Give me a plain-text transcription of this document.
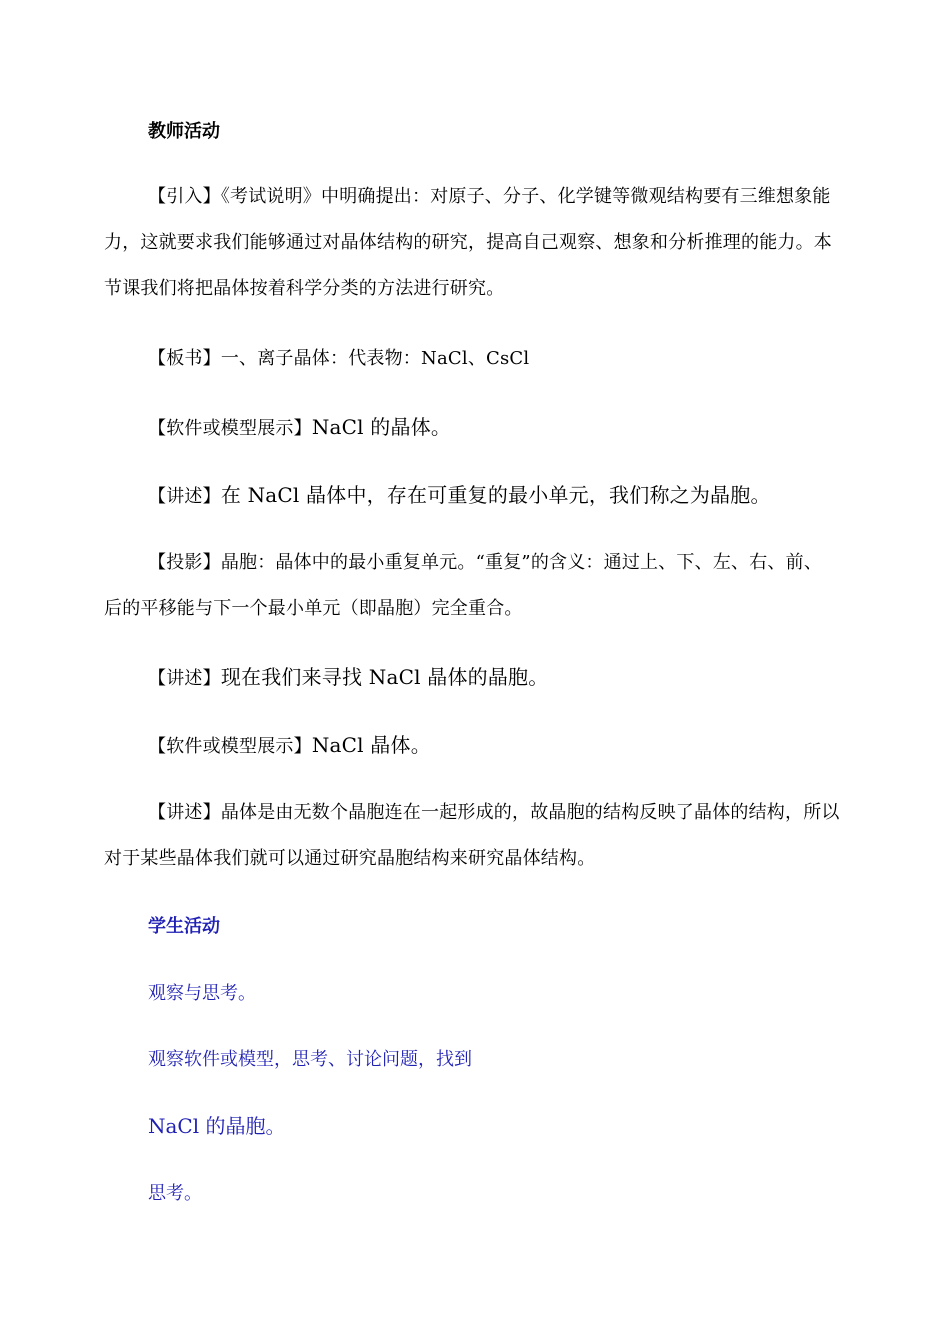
教师活动
【引入】《考试说明》中明确提出：对原子、分子、化学键等微观结构要有三维想象能力，这就要求我们能够通过对晶体结构的研究，提高自己观察、想象和分析推理的能力。本节课我们将把晶体按着科学分类的方法进行研究。
【板书】一、离子晶体：代表物：NaCl、CsCl
【软件或模型展示】NaCl 的晶体。
【讲述】在 NaCl 晶体中，存在可重复的最小单元，我们称之为晶胞。
【投影】晶胞：晶体中的最小重复单元。“重复”的含义：通过上、下、左、右、前、后的平移能与下一个最小单元（即晶胞）完全重合。
【讲述】现在我们来寻找 NaCl 晶体的晶胞。
【软件或模型展示】NaCl 晶体。
【讲述】晶体是由无数个晶胞连在一起形成的，故晶胞的结构反映了晶体的结构，所以对于某些晶体我们就可以通过研究晶胞结构来研究晶体结构。
学生活动
观察与思考。
观察软件或模型，思考、讨论问题，找到
NaCl 的晶胞。
思考。
